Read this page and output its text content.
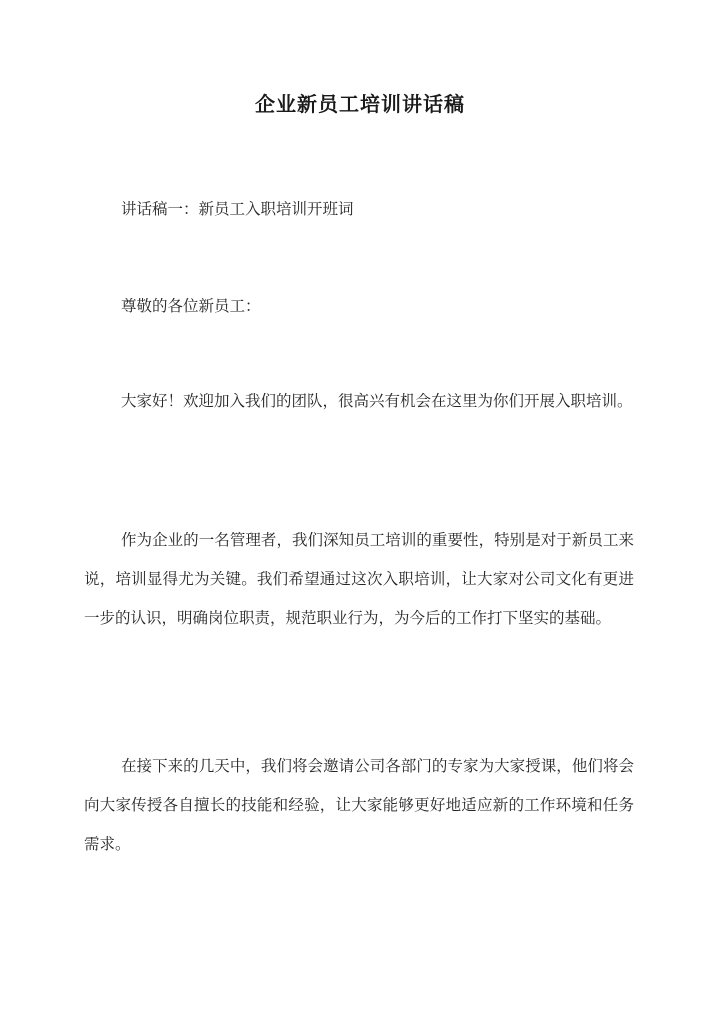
企业新员工培训讲话稿

讲话稿一：新员工入职培训开班词

尊敬的各位新员工：

大家好！欢迎加入我们的团队，很高兴有机会在这里为你们开展入职培训。

作为企业的一名管理者，我们深知员工培训的重要性，特别是对于新员工来说，培训显得尤为关键。我们希望通过这次入职培训，让大家对公司文化有更进一步的认识，明确岗位职责，规范职业行为，为今后的工作打下坚实的基础。

在接下来的几天中，我们将会邀请公司各部门的专家为大家授课，他们将会向大家传授各自擅长的技能和经验，让大家能够更好地适应新的工作环境和任务需求。
